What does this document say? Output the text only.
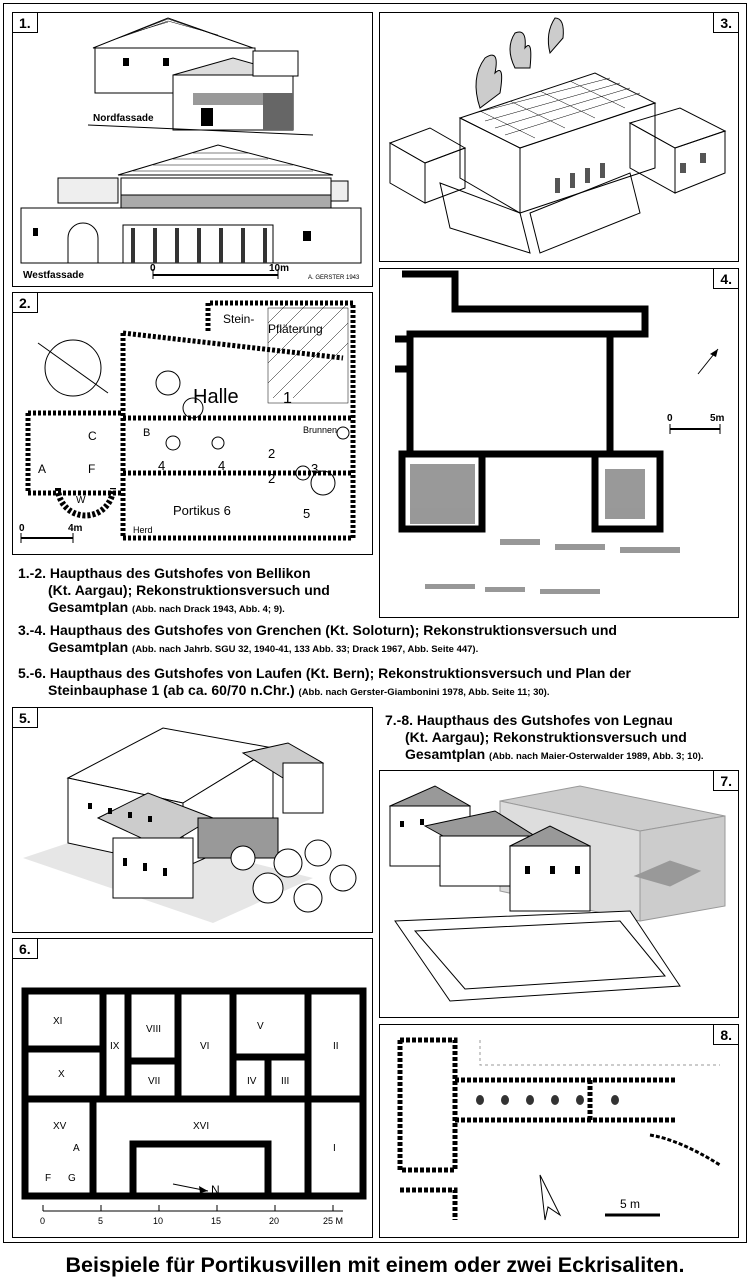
1.
Nordfassade
0	10m
Westfassade	A. GERSTER 1943
3.
2.
Stein-
Pfläterung
Halle	1
Brunnen
C
A	F
W
B
4	4
2
2
3
5
Portikus 6
Herd
0	4m
4.
0	5m
1.-2. Haupthaus des Gutshofes von Bellikon
(Kt. Aargau); Rekonstruktionsversuch und
Gesamtplan (Abb. nach Drack 1943, Abb. 4; 9).
3.-4. Haupthaus des Gutshofes von Grenchen (Kt. Soloturn); Rekonstruktionsversuch und
Gesamtplan (Abb. nach Jahrb. SGU 32, 1940-41, 133 Abb. 33; Drack 1967, Abb. Seite 447).
5.-6. Haupthaus des Gutshofes von Laufen (Kt. Bern); Rekonstruktionsversuch und Plan der
Steinbauphase 1 (ab ca. 60/70 n.Chr.) (Abb. nach Gerster-Giambonini 1978, Abb. Seite 11; 30).
7.-8. Haupthaus des Gutshofes von Legnau
(Kt. Aargau); Rekonstruktionsversuch und
Gesamtplan (Abb. nach Maier-Osterwalder 1989, Abb. 3; 10).
5.
7.
6.
XI
IX
VIII
VI
V
II
X
VII	IV III
XV	XVI
I
A
F G
N
0	5	10	15	20	25 M
8.
5 m
Beispiele für Portikusvillen mit einem oder zwei Eckrisaliten.
